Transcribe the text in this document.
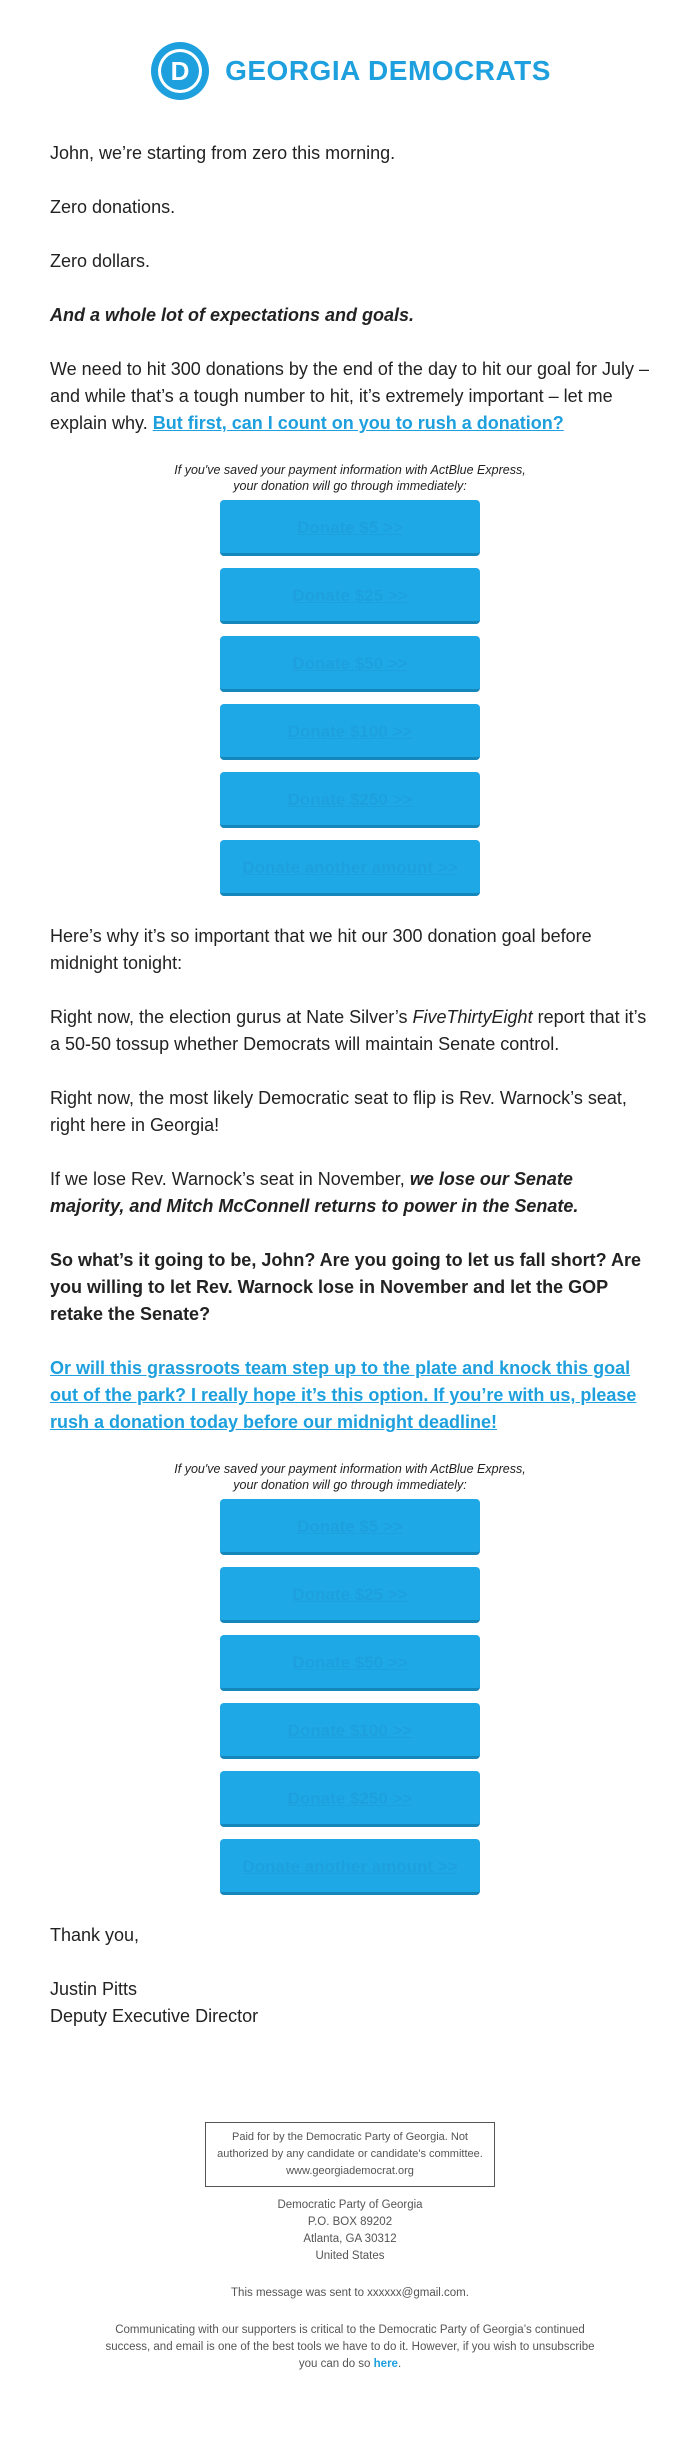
D GEORGIA DEMOCRATS

John, we’re starting from zero this morning.

Zero donations.

Zero dollars.

And a whole lot of expectations and goals.

We need to hit 300 donations by the end of the day to hit our goal for July – and while that’s a tough number to hit, it’s extremely important – let me explain why. But first, can I count on you to rush a donation?

If you've saved your payment information with ActBlue Express,
your donation will go through immediately:
Donate $5 >>
Donate $25 >>
Donate $50 >>
Donate $100 >>
Donate $250 >>
Donate another amount >>

Here’s why it’s so important that we hit our 300 donation goal before midnight tonight:

Right now, the election gurus at Nate Silver’s FiveThirtyEight report that it’s a 50-50 tossup whether Democrats will maintain Senate control.

Right now, the most likely Democratic seat to flip is Rev. Warnock’s seat, right here in Georgia!

If we lose Rev. Warnock’s seat in November, we lose our Senate majority, and Mitch McConnell returns to power in the Senate.

So what’s it going to be, John? Are you going to let us fall short? Are you willing to let Rev. Warnock lose in November and let the GOP retake the Senate?

Or will this grassroots team step up to the plate and knock this goal out of the park? I really hope it’s this option. If you’re with us, please rush a donation today before our midnight deadline!

If you've saved your payment information with ActBlue Express,
your donation will go through immediately:
Donate $5 >>
Donate $25 >>
Donate $50 >>
Donate $100 >>
Donate $250 >>
Donate another amount >>

Thank you,

Justin Pitts
Deputy Executive Director

Paid for by the Democratic Party of Georgia. Not
authorized by any candidate or candidate's committee.
www.georgiademocrat.org
Democratic Party of Georgia
P.O. BOX 89202
Atlanta, GA 30312
United States
This message was sent to xxxxxx@gmail.com.
Communicating with our supporters is critical to the Democratic Party of Georgia’s continued success, and email is one of the best tools we have to do it. However, if you wish to unsubscribe you can do so here.
